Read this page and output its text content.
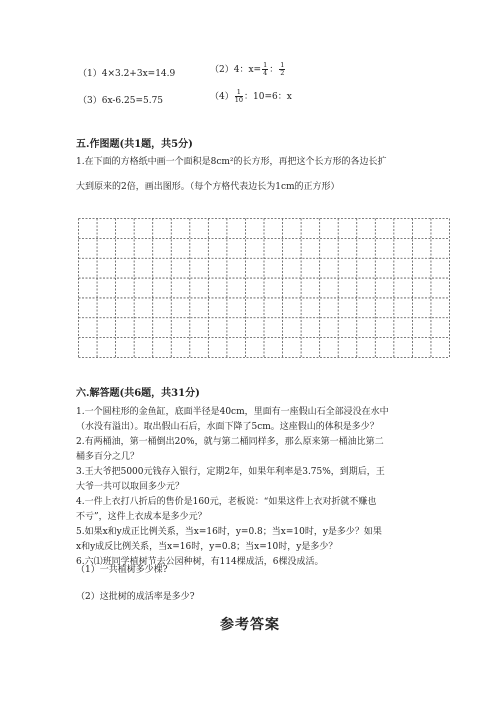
（1）4×3.2+3x=14.9	（2）4：$x= \frac{1}{4}$ ： $\frac{1}{2}$
（3）6x-6.25=5.75	$(4) \frac{1}{10}$ ：10=6：x
五.作图题(共1题，共5分)
1.在下面的方格纸中画一个面积是8cm²的长方形，再把这个长方形的各边长扩
大到原来的2倍，画出图形。（每个方格代表边长为1cm的正方形）
六.解答题(共6题，共31分)
1.一个圆柱形的金鱼缸，底面半径是40cm，里面有一座假山石全部浸没在水中
（水没有溢出）。取出假山石后，水面下降了5cm。这座假山的体积是多少？
2.有两桶油，第一桶倒出20%，就与第二桶同样多，那么原来第一桶油比第二
桶多百分之几？
3.王大爷把5000元钱存入银行，定期2年，如果年利率是3.75%，到期后，王
大爷一共可以取回多少元？
4.一件上衣打八折后的售价是160元，老板说：“如果这件上衣对折就不赚也
不亏”，这件上衣成本是多少元？
5.如果x和y成正比例关系，当x=16时，y=0.8；当x=10时，y是多少？如果
x和y成反比例关系，当x=16时，y=0.8；当x=10时，y是多少？
6.六⑴班同学植树节去公园种树，有114棵成活，6棵没成活。
（1）一共植树多少棵?
（2）这批树的成活率是多少?
参考答案
